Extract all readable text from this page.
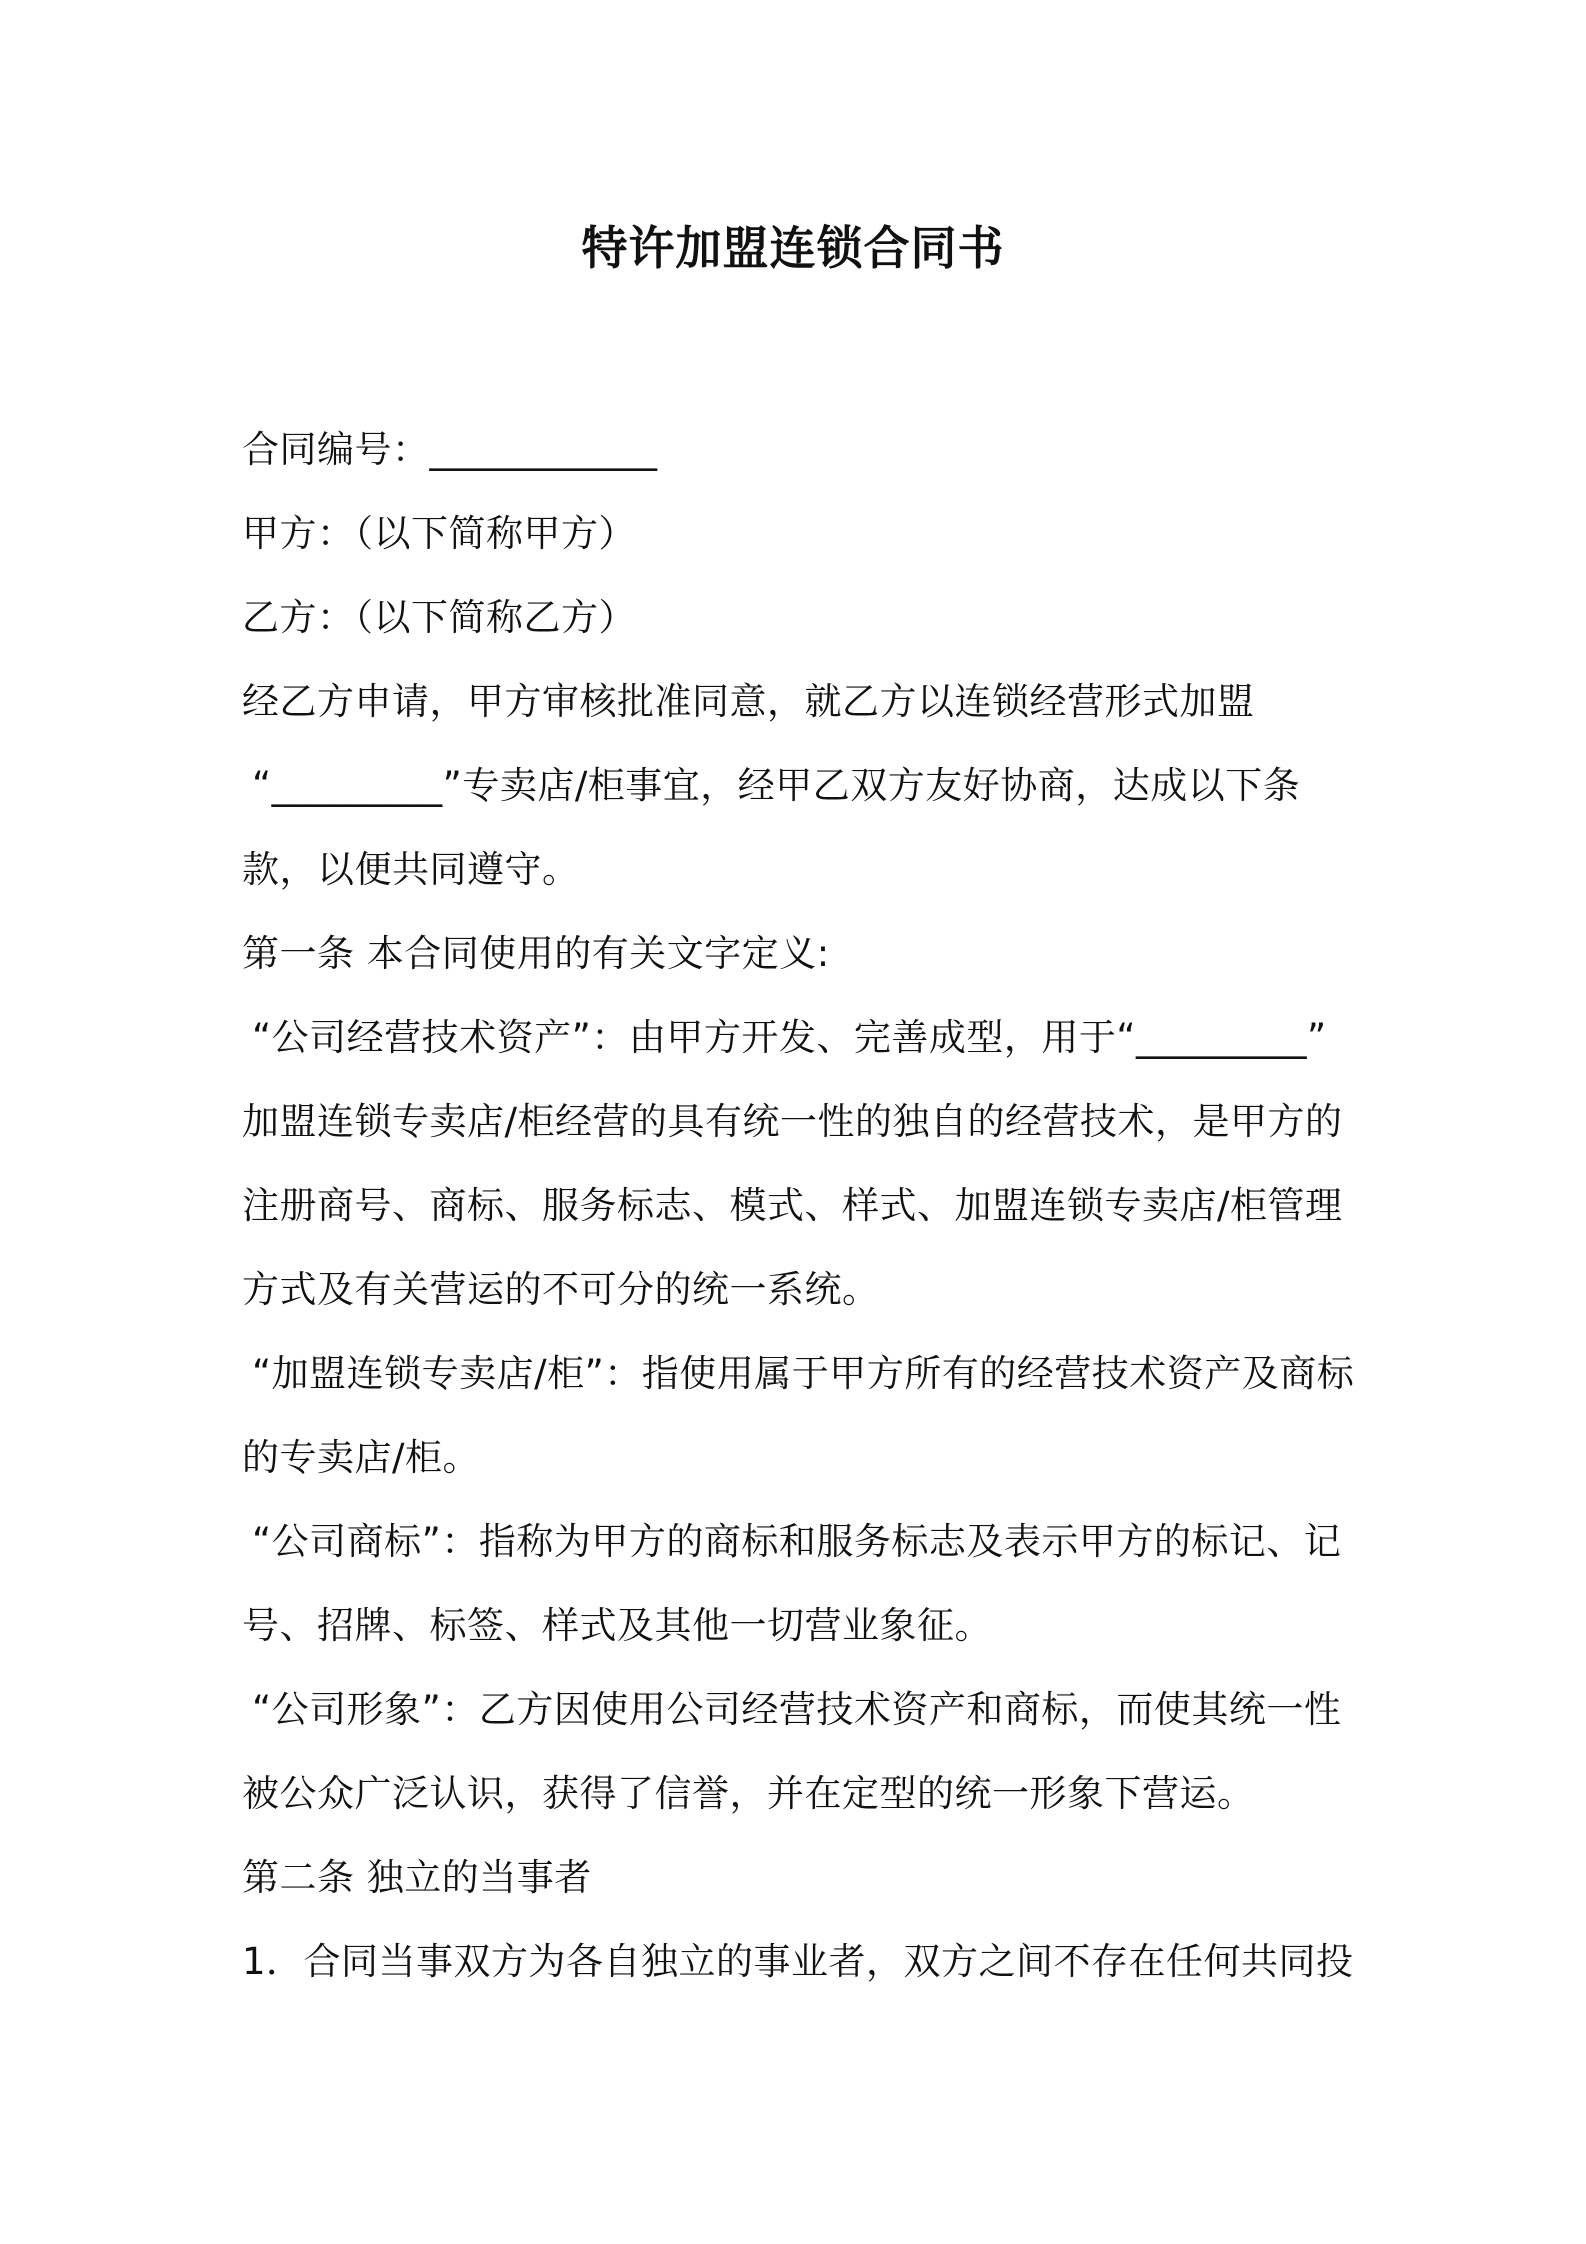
特许加盟连锁合同书
合同编号：____________
甲方：（以下简称甲方）
乙方：（以下简称乙方）
经乙方申请，甲方审核批准同意，就乙方以连锁经营形式加盟
“_________”专卖店/柜事宜，经甲乙双方友好协商，达成以下条
款，以便共同遵守。
第一条 本合同使用的有关文字定义:
“公司经营技术资产”：由甲方开发、完善成型，用于“_________”
加盟连锁专卖店/柜经营的具有统一性的独自的经营技术，是甲方的
注册商号、商标、服务标志、模式、样式、加盟连锁专卖店/柜管理
方式及有关营运的不可分的统一系统。
“加盟连锁专卖店/柜”：指使用属于甲方所有的经营技术资产及商标
的专卖店/柜。
“公司商标”：指称为甲方的商标和服务标志及表示甲方的标记、记
号、招牌、标签、样式及其他一切营业象征。
“公司形象”：乙方因使用公司经营技术资产和商标，而使其统一性
被公众广泛认识，获得了信誉，并在定型的统一形象下营运。
第二条 独立的当事者
1．合同当事双方为各自独立的事业者，双方之间不存在任何共同投
